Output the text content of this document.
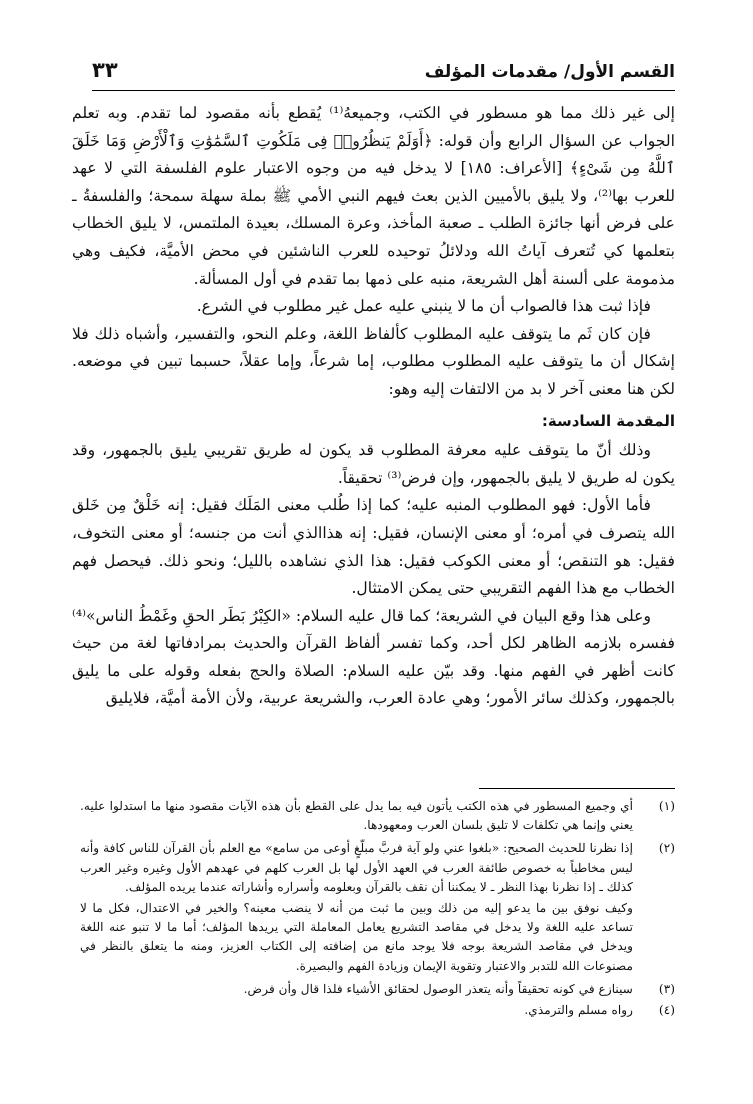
القسم الأول/ مقدمات المؤلف
٣٣

إلى غير ذلك مما هو مسطور في الكتب، وجميعهُ⁽¹⁾ يُقطع بأنه مقصود لما تقدم. وبه تعلم الجواب عن السؤال الرابع وأن قوله: ﴿أَوَلَمْ يَنظُرُوا۟ فِى مَلَكُوتِ ٱلسَّمَٰوَٰتِ وَٱلْأَرْضِ وَمَا خَلَقَ ٱللَّهُ مِن شَىْءٍ﴾ [الأعراف: ١٨٥] لا يدخل فيه من وجوه الاعتبار علوم الفلسفة التي لا عهد للعرب بها⁽²⁾، ولا يليق بالأميين الذين بعث فيهم النبي الأمي ﷺ بملة سهلة سمحة؛ والفلسفةُ ـ على فرض أنها جائزة الطلب ـ صعبة المأخذ، وعرة المسلك، بعيدة الملتمس، لا يليق الخطاب بتعلمها كي تُتعرف آياتُ الله ودلائلُ توحيده للعرب الناشئين في محض الأميَّة، فكيف وهي مذمومة على ألسنة أهل الشريعة، منبه على ذمها بما تقدم في أول المسألة.

فإذا ثبت هذا فالصواب أن ما لا ينبني عليه عمل غير مطلوب في الشرع.

فإن كان ثَم ما يتوقف عليه المطلوب كألفاظ اللغة، وعلم النحو، والتفسير، وأشباه ذلك فلا إشكال أن ما يتوقف عليه المطلوب مطلوب، إما شرعاً، وإما عقلاً، حسبما تبين في موضعه. لكن هنا معنى آخر لا بد من الالتفات إليه وهو:

المقدمة السادسة:

وذلك أنّ ما يتوقف عليه معرفة المطلوب قد يكون له طريق تقريبي يليق بالجمهور، وقد يكون له طريق لا يليق بالجمهور، وإن فرض⁽³⁾ تحقيقاً.

فأما الأول: فهو المطلوب المنبه عليه؛ كما إذا طُلب معنى المَلَك فقيل: إنه خَلْقٌ مِن خَلق الله يتصرف في أمره؛ أو معنى الإنسان، فقيل: إنه هذاالذي أنت من جنسه؛ أو معنى التخوف، فقيل: هو التنقص؛ أو معنى الكوكب فقيل: هذا الذي نشاهده بالليل؛ ونحو ذلك. فيحصل فهم الخطاب مع هذا الفهم التقريبي حتى يمكن الامتثال.

وعلى هذا وقع البيان في الشريعة؛ كما قال عليه السلام: «الكِبْرُ بَطَر الحقِ وغَمْطُ الناس»⁽⁴⁾ ففسره بلازمه الظاهر لكل أحد، وكما تفسر ألفاظ القرآن والحديث بمرادفاتها لغة من حيث كانت أظهر في الفهم منها. وقد بيّن عليه السلام: الصلاة والحج بفعله وقوله على ما يليق بالجمهور، وكذلك سائر الأمور؛ وهي عادة العرب، والشريعة عربية، ولأن الأمة أميَّة، فلايليق

(١)
أي وجميع المسطور في هذه الكتب يأتون فيه بما يدل على القطع بأن هذه الآيات مقصود منها ما استدلوا عليه. يعني وإنما هي تكلفات لا تليق بلسان العرب ومعهودها.

(٢)
إذا نظرنا للحديث الصحيح: «بلغوا عني ولو آية فربَّ مبلّغٍ أوعى من سامع» مع العلم بأن القرآن للناس كافة وأنه ليس مخاطباً به خصوص طائفة العرب في العهد الأول لها بل العرب كلهم في عهدهم الأول وغيره وغير العرب كذلك ـ إذا نظرنا بهذا النظر ـ لا يمكننا أن نقف بالقرآن وبعلومه وأسراره وأشاراته عندما يريده المؤلف.

وكيف نوفق بين ما يدعو إليه من ذلك وبين ما ثبت من أنه لا ينضب معينه؟ والخير في الاعتدال، فكل ما لا تساعد عليه اللغة ولا يدخل في مقاصد التشريع يعامل المعاملة التي يريدها المؤلف؛ أما ما لا تنبو عنه اللغة ويدخل في مقاصد الشريعة بوجه فلا يوجد مانع من إضافته إلى الكتاب العزيز، ومنه ما يتعلق بالنظر في مصنوعات الله للتدبر والاعتبار وتقوية الإيمان وزيادة الفهم والبصيرة.

(٣)
سينازع في كونه تحقيقاً وأنه يتعذر الوصول لحقائق الأشياء فلذا قال وأن فرض.

(٤)
رواه مسلم والترمذي.
